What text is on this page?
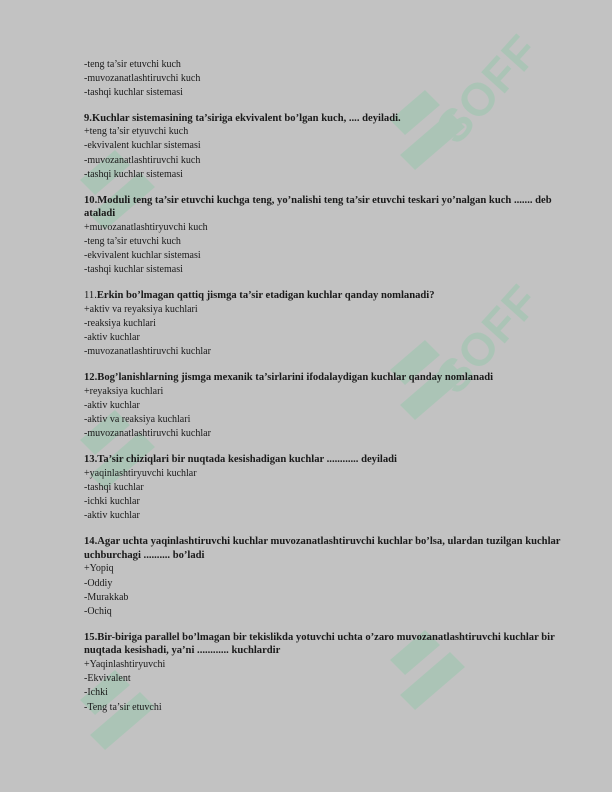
SOFF
SOFF

-teng ta’sir etuvchi kuch

-muvozanatlashtiruvchi kuch

-tashqi kuchlar sistemasi

9.Kuchlar sistemasining ta’siriga ekvivalent bo’lgan kuch, .... deyiladi.

+teng ta’sir etyuvchi kuch

-ekvivalent kuchlar sistemasi

-muvozanatlashtiruvchi kuch

-tashqi kuchlar sistemasi

10.Moduli teng ta’sir etuvchi kuchga teng, yo’nalishi teng ta’sir etuvchi teskari yo’nalgan kuch ....... deb ataladi

+muvozanatlashtiryuvchi kuch

-teng ta’sir etuvchi kuch

-ekvivalent kuchlar sistemasi

-tashqi kuchlar sistemasi

11.Erkin bo’lmagan qattiq jismga ta’sir etadigan kuchlar qanday nomlanadi?

+aktiv va reyaksiya kuchlari

-reaksiya kuchlari

-aktiv kuchlar

-muvozanatlashtiruvchi kuchlar

12.Bog’lanishlarning jismga mexanik ta’sirlarini ifodalaydigan kuchlar qanday nomlanadi

+reyaksiya kuchlari

-aktiv kuchlar

-aktiv va reaksiya kuchlari

-muvozanatlashtiruvchi kuchlar

13.Ta’sir chiziqlari bir nuqtada kesishadigan kuchlar ............ deyiladi

+yaqinlashtiryuvchi kuchlar

-tashqi kuchlar

-ichki kuchlar

-aktiv kuchlar

14.Agar uchta yaqinlashtiruvchi kuchlar muvozanatlashtiruvchi kuchlar bo’lsa, ulardan tuzilgan kuchlar uchburchagi .......... bo’ladi

+Yopiq

-Oddiy

-Murakkab

-Ochiq

15.Bir-biriga parallel bo’lmagan bir tekislikda yotuvchi uchta o’zaro muvozanatlashtiruvchi kuchlar bir nuqtada kesishadi, ya’ni ............ kuchlardir

+Yaqinlashtiryuvchi

-Ekvivalent

-Ichki

-Teng ta’sir etuvchi
